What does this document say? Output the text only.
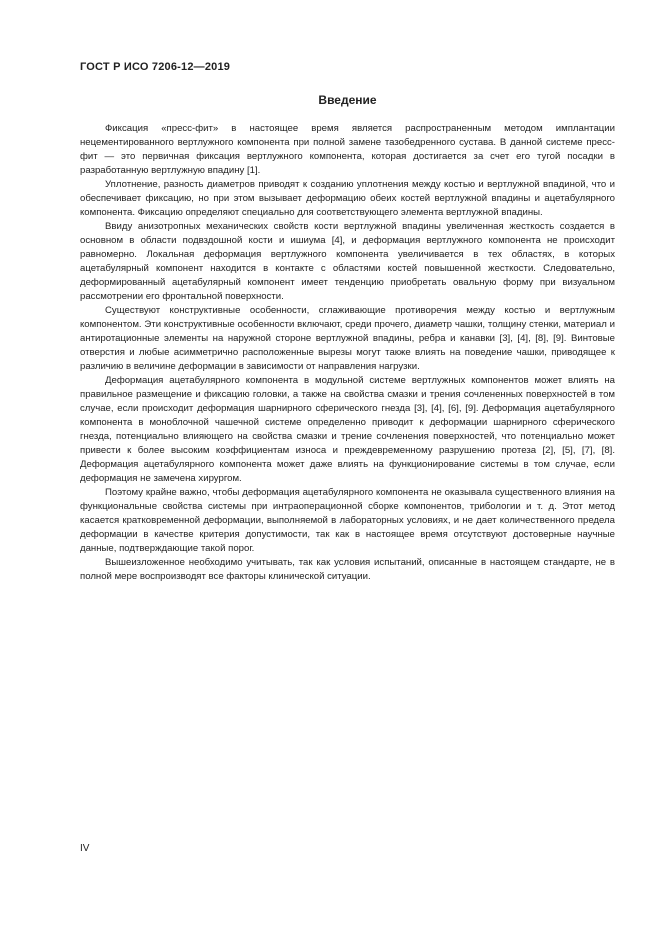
ГОСТ Р ИСО 7206-12—2019
Введение

Фиксация «пресс-фит» в настоящее время является распространенным методом имплантации нецементированного вертлужного компонента при полной замене тазобедренного сустава. В данной системе пресс-фит — это первичная фиксация вертлужного компонента, которая достигается за счет его тугой посадки в разработанную вертлужную впадину [1].

Уплотнение, разность диаметров приводят к созданию уплотнения между костью и вертлужной впадиной, что и обеспечивает фиксацию, но при этом вызывает деформацию обеих костей вертлужной впадины и ацетабулярного компонента. Фиксацию определяют специально для соответствующего элемента вертлужной впадины.

Ввиду анизотропных механических свойств кости вертлужной впадины увеличенная жесткость создается в основном в области подвздошной кости и ишиума [4], и деформация вертлужного компонента не происходит равномерно. Локальная деформация вертлужного компонента увеличивается в тех областях, в которых ацетабулярный компонент находится в контакте с областями костей повышенной жесткости. Следовательно, деформированный ацетабулярный компонент имеет тенденцию приобретать овальную форму при визуальном рассмотрении его фронтальной поверхности.

Существуют конструктивные особенности, сглаживающие противоречия между костью и вертлужным компонентом. Эти конструктивные особенности включают, среди прочего, диаметр чашки, толщину стенки, материал и антиротационные элементы на наружной стороне вертлужной впадины, ребра и канавки [3], [4], [8], [9]. Винтовые отверстия и любые асимметрично расположенные вырезы могут также влиять на поведение чашки, приводящее к различию в величине деформации в зависимости от направления нагрузки.

Деформация ацетабулярного компонента в модульной системе вертлужных компонентов может влиять на правильное размещение и фиксацию головки, а также на свойства смазки и трения сочлененных поверхностей в том случае, если происходит деформация шарнирного сферического гнезда [3], [4], [6], [9]. Деформация ацетабулярного компонента в моноблочной чашечной системе определенно приводит к деформации шарнирного сферического гнезда, потенциально влияющего на свойства смазки и трение сочленения поверхностей, что потенциально может привести к более высоким коэффициентам износа и преждевременному разрушению протеза [2], [5], [7], [8]. Деформация ацетабулярного компонента может даже влиять на функционирование системы в том случае, если деформация не замечена хирургом.

Поэтому крайне важно, чтобы деформация ацетабулярного компонента не оказывала существенного влияния на функциональные свойства системы при интраоперационной сборке компонентов, трибологии и т. д. Этот метод касается кратковременной деформации, выполняемой в лабораторных условиях, и не дает количественного предела деформации в качестве критерия допустимости, так как в настоящее время отсутствуют достоверные научные данные, подтверждающие такой порог.

Вышеизложенное необходимо учитывать, так как условия испытаний, описанные в настоящем стандарте, не в полной мере воспроизводят все факторы клинической ситуации.

IV
